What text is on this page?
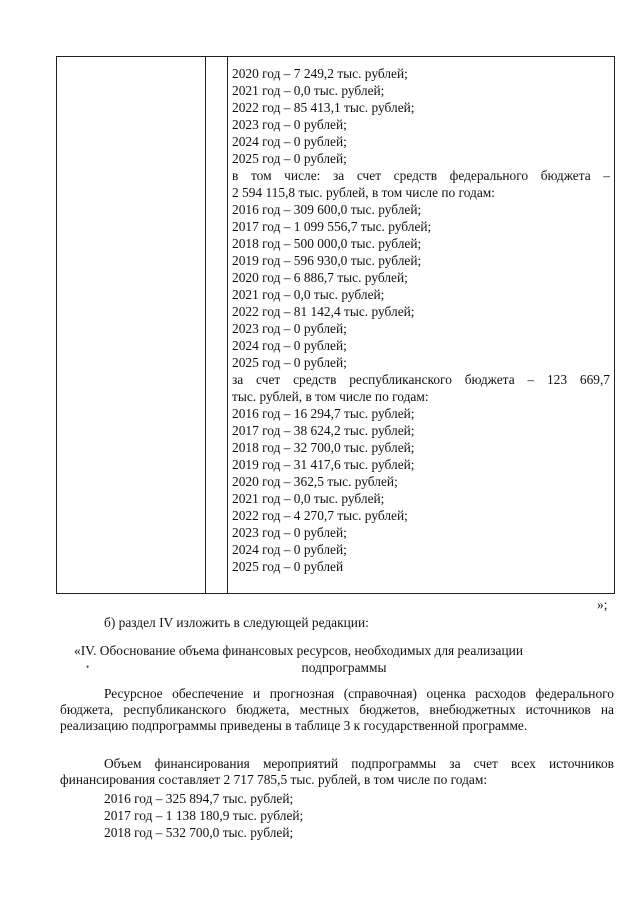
2020 год – 7 249,2 тыс. рублей;
2021 год – 0,0 тыс. рублей;
2022 год – 85 413,1 тыс. рублей;
2023 год – 0 рублей;
2024 год – 0 рублей;
2025 год – 0 рублей;
в том числе: за счет средств федерального бюджета –
2 594 115,8 тыс. рублей, в том числе по годам:
2016 год – 309 600,0 тыс. рублей;
2017 год – 1 099 556,7 тыс. рублей;
2018 год – 500 000,0 тыс. рублей;
2019 год – 596 930,0 тыс. рублей;
2020 год – 6 886,7 тыс. рублей;
2021 год – 0,0 тыс. рублей;
2022 год – 81 142,4 тыс. рублей;
2023 год – 0 рублей;
2024 год – 0 рублей;
2025 год – 0 рублей;
за счет средств республиканского бюджета – 123 669,7
тыс. рублей, в том числе по годам:
2016 год – 16 294,7 тыс. рублей;
2017 год – 38 624,2 тыс. рублей;
2018 год – 32 700,0 тыс. рублей;
2019 год – 31 417,6 тыс. рублей;
2020 год – 362,5 тыс. рублей;
2021 год – 0,0 тыс. рублей;
2022 год – 4 270,7 тыс. рублей;
2023 год – 0 рублей;
2024 год – 0 рублей;
2025 год – 0 рублей
»;
б) раздел IV изложить в следующей редакции:
«IV. Обоснование объема финансовых ресурсов, необходимых для реализации
подпрограммы
•

Ресурсное обеспечение и прогнозная (справочная) оценка расходов федерального бюджета, республиканского бюджета, местных бюджетов, внебюджетных источников на реализацию подпрограммы приведены в таблице 3 к государственной программе.

Объем финансирования мероприятий подпрограммы за счет всех источников финансирования составляет 2 717 785,5 тыс. рублей, в том числе по годам:

2016 год – 325 894,7 тыс. рублей;
2017 год – 1 138 180,9 тыс. рублей;
2018 год – 532 700,0 тыс. рублей;
